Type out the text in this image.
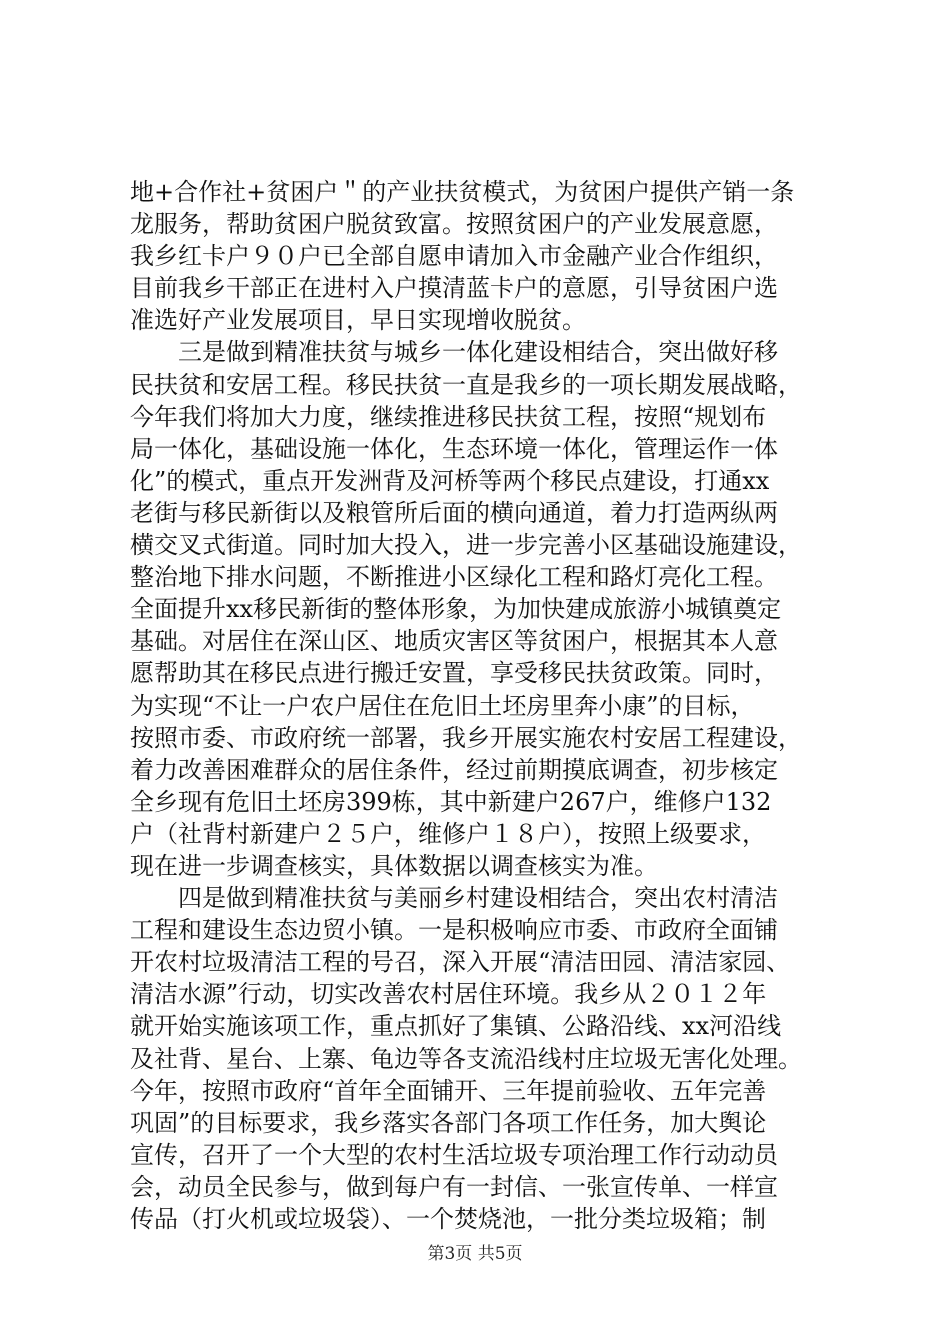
地+合作社+贫困户＂的产业扶贫模式，为贫困户提供产销一条
龙服务，帮助贫困户脱贫致富。按照贫困户的产业发展意愿，
我乡红卡户９０户已全部自愿申请加入市金融产业合作组织，
目前我乡干部正在进村入户摸清蓝卡户的意愿，引导贫困户选
准选好产业发展项目，早日实现增收脱贫。
　　三是做到精准扶贫与城乡一体化建设相结合，突出做好移
民扶贫和安居工程。移民扶贫一直是我乡的一项长期发展战略，
今年我们将加大力度，继续推进移民扶贫工程，按照“规划布
局一体化，基础设施一体化，生态环境一体化，管理运作一体
化”的模式，重点开发洲背及河桥等两个移民点建设，打通xx
老街与移民新街以及粮管所后面的横向通道，着力打造两纵两
横交叉式街道。同时加大投入，进一步完善小区基础设施建设，
整治地下排水问题，不断推进小区绿化工程和路灯亮化工程。
全面提升xx移民新街的整体形象，为加快建成旅游小城镇奠定
基础。对居住在深山区、地质灾害区等贫困户，根据其本人意
愿帮助其在移民点进行搬迁安置，享受移民扶贫政策。同时，
为实现“不让一户农户居住在危旧土坯房里奔小康”的目标，
按照市委、市政府统一部署，我乡开展实施农村安居工程建设，
着力改善困难群众的居住条件，经过前期摸底调查，初步核定
全乡现有危旧土坯房399栋，其中新建户267户，维修户132
户（社背村新建户２５户，维修户１８户），按照上级要求，
现在进一步调查核实，具体数据以调查核实为准。
　　四是做到精准扶贫与美丽乡村建设相结合，突出农村清洁
工程和建设生态边贸小镇。一是积极响应市委、市政府全面铺
开农村垃圾清洁工程的号召，深入开展“清洁田园、清洁家园、
清洁水源”行动，切实改善农村居住环境。我乡从２０１２年
就开始实施该项工作，重点抓好了集镇、公路沿线、xx河沿线
及社背、星台、上寨、龟边等各支流沿线村庄垃圾无害化处理。
今年，按照市政府“首年全面铺开、三年提前验收、五年完善
巩固”的目标要求，我乡落实各部门各项工作任务，加大舆论
宣传，召开了一个大型的农村生活垃圾专项治理工作行动动员
会，动员全民参与，做到每户有一封信、一张宣传单、一样宣
传品（打火机或垃圾袋）、一个焚烧池，一批分类垃圾箱；制
第3页 共5页
